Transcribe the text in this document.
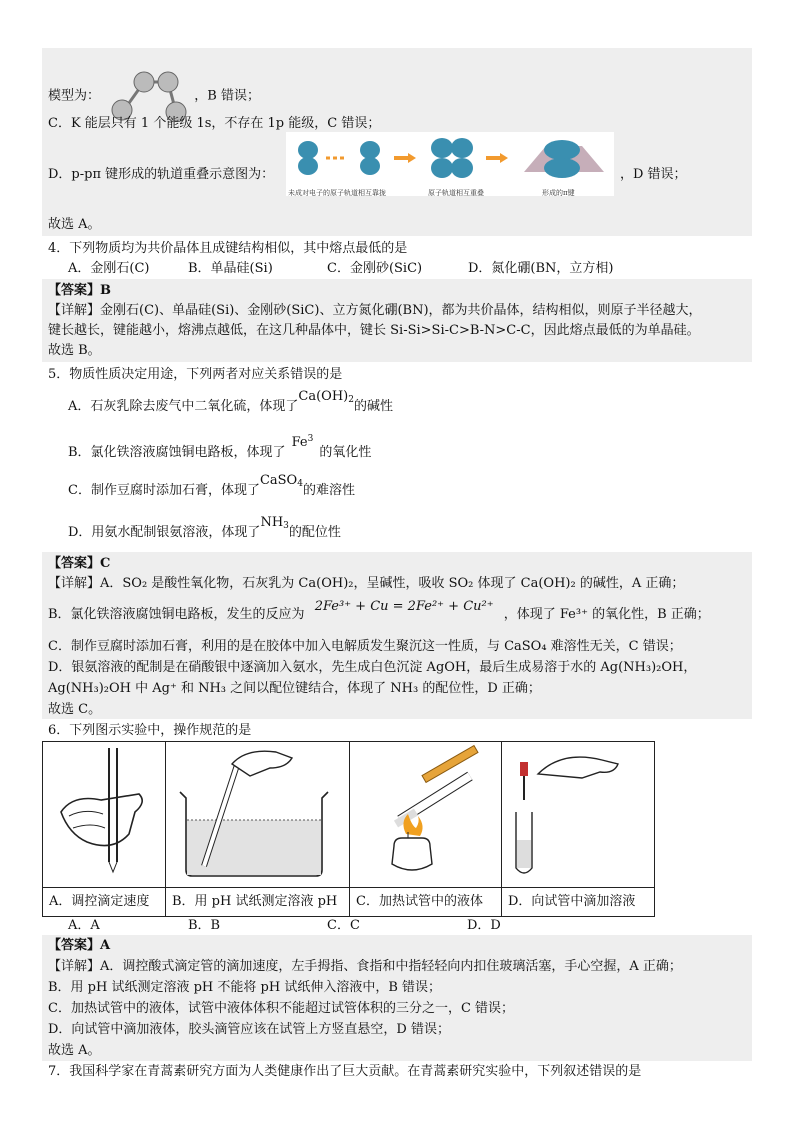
模型为：	，B 错误；
C．K 能层只有 1 个能级 1s，不存在 1p 能级，C 错误；
D．p-pπ 键形成的轨道重叠示意图为：
未成对电子的原子轨道相互靠拢	原子轨道相互重叠	形成的π键
，D 错误；
故选 A。
4．下列物质均为共价晶体且成键结构相似，其中熔点最低的是
A．金刚石(C)	B．单晶硅(Si)	C．金刚砂(SiC)	D．氮化硼(BN，立方相)
【答案】B
【详解】金刚石(C)、单晶硅(Si)、金刚砂(SiC)、立方氮化硼(BN)，都为共价晶体，结构相似，则原子半径越大，
键长越长，键能越小，熔沸点越低，在这几种晶体中，键长 Si-Si>Si-C>B-N>C-C，因此熔点最低的为单晶硅。
故选 B。
5．物质性质决定用途，下列两者对应关系错误的是
A．石灰乳除去废气中二氧化硫，体现了$Ca(OH)_2$的碱性
B．氯化铁溶液腐蚀铜电路板，体现了Fe$^3$的氧化性
C．制作豆腐时添加石膏，体现了CaSO$_4$的难溶性
D．用氨水配制银氨溶液，体现了$NH_3$的配位性
【答案】C
【详解】A．SO₂ 是酸性氧化物，石灰乳为 Ca(OH)₂，呈碱性，吸收 SO₂ 体现了 Ca(OH)₂ 的碱性，A 正确；
B．氯化铁溶液腐蚀铜电路板，发生的反应为 2Fe³⁺ + Cu = 2Fe²⁺ + Cu²⁺ ，体现了 Fe³⁺ 的氧化性，B 正确；
C．制作豆腐时添加石膏，利用的是在胶体中加入电解质发生聚沉这一性质，与 CaSO₄ 难溶性无关，C 错误；
D．银氨溶液的配制是在硝酸银中逐滴加入氨水，先生成白色沉淀 AgOH，最后生成易溶于水的 Ag(NH₃)₂OH，
Ag(NH₃)₂OH 中 Ag⁺ 和 NH₃ 之间以配位键结合，体现了 NH₃ 的配位性，D 正确；
故选 C。
6．下列图示实验中，操作规范的是

A．调控滴定速度	B．用 pH 试纸测定溶液 pH	C．加热试管中的液体	D．向试管中滴加溶液
A．A	B．B	C．C	D．D
【答案】A
【详解】A．调控酸式滴定管的滴加速度，左手拇指、食指和中指轻轻向内扣住玻璃活塞，手心空握，A 正确；
B．用 pH 试纸测定溶液 pH 不能将 pH 试纸伸入溶液中，B 错误；
C．加热试管中的液体，试管中液体体积不能超过试管体积的三分之一，C 错误；
D．向试管中滴加液体，胶头滴管应该在试管上方竖直悬空，D 错误；
故选 A。
7．我国科学家在青蒿素研究方面为人类健康作出了巨大贡献。在青蒿素研究实验中，下列叙述错误的是
